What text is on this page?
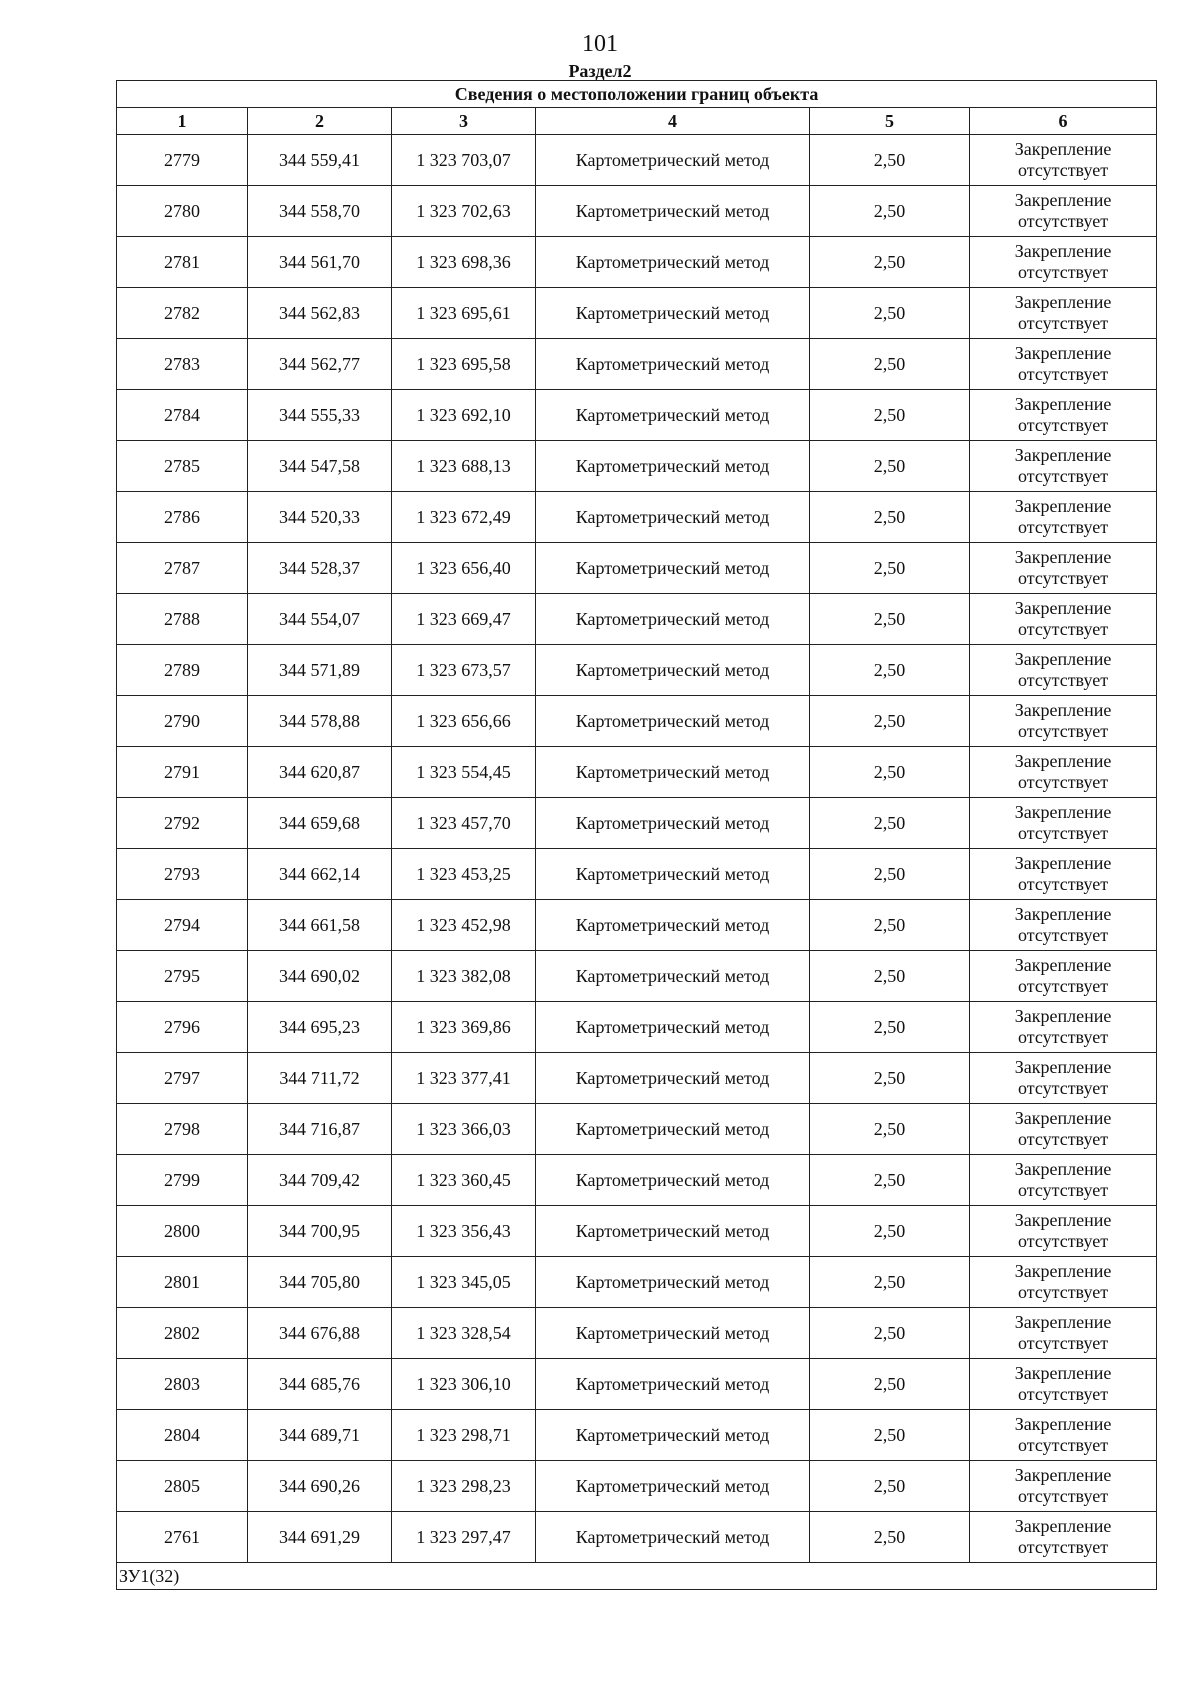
101
Раздел2
Сведения о местоположении границ объекта					
1	2	3	4	5	6
2779	344 559,41	1 323 703,07	Картометрический метод	2,50	Закрепление
отсутствует

2780	344 558,70	1 323 702,63	Картометрический метод	2,50	Закрепление
отсутствует

2781	344 561,70	1 323 698,36	Картометрический метод	2,50	Закрепление
отсутствует

2782	344 562,83	1 323 695,61	Картометрический метод	2,50	Закрепление
отсутствует

2783	344 562,77	1 323 695,58	Картометрический метод	2,50	Закрепление
отсутствует

2784	344 555,33	1 323 692,10	Картометрический метод	2,50	Закрепление
отсутствует

2785	344 547,58	1 323 688,13	Картометрический метод	2,50	Закрепление
отсутствует

2786	344 520,33	1 323 672,49	Картометрический метод	2,50	Закрепление
отсутствует

2787	344 528,37	1 323 656,40	Картометрический метод	2,50	Закрепление
отсутствует

2788	344 554,07	1 323 669,47	Картометрический метод	2,50	Закрепление
отсутствует

2789	344 571,89	1 323 673,57	Картометрический метод	2,50	Закрепление
отсутствует

2790	344 578,88	1 323 656,66	Картометрический метод	2,50	Закрепление
отсутствует

2791	344 620,87	1 323 554,45	Картометрический метод	2,50	Закрепление
отсутствует

2792	344 659,68	1 323 457,70	Картометрический метод	2,50	Закрепление
отсутствует

2793	344 662,14	1 323 453,25	Картометрический метод	2,50	Закрепление
отсутствует

2794	344 661,58	1 323 452,98	Картометрический метод	2,50	Закрепление
отсутствует

2795	344 690,02	1 323 382,08	Картометрический метод	2,50	Закрепление
отсутствует

2796	344 695,23	1 323 369,86	Картометрический метод	2,50	Закрепление
отсутствует

2797	344 711,72	1 323 377,41	Картометрический метод	2,50	Закрепление
отсутствует

2798	344 716,87	1 323 366,03	Картометрический метод	2,50	Закрепление
отсутствует

2799	344 709,42	1 323 360,45	Картометрический метод	2,50	Закрепление
отсутствует

2800	344 700,95	1 323 356,43	Картометрический метод	2,50	Закрепление
отсутствует

2801	344 705,80	1 323 345,05	Картометрический метод	2,50	Закрепление
отсутствует

2802	344 676,88	1 323 328,54	Картометрический метод	2,50	Закрепление
отсутствует

2803	344 685,76	1 323 306,10	Картометрический метод	2,50	Закрепление
отсутствует

2804	344 689,71	1 323 298,71	Картометрический метод	2,50	Закрепление
отсутствует

2805	344 690,26	1 323 298,23	Картометрический метод	2,50	Закрепление
отсутствует

2761	344 691,29	1 323 297,47	Картометрический метод	2,50	Закрепление
отсутствует

ЗУ1(32)					
